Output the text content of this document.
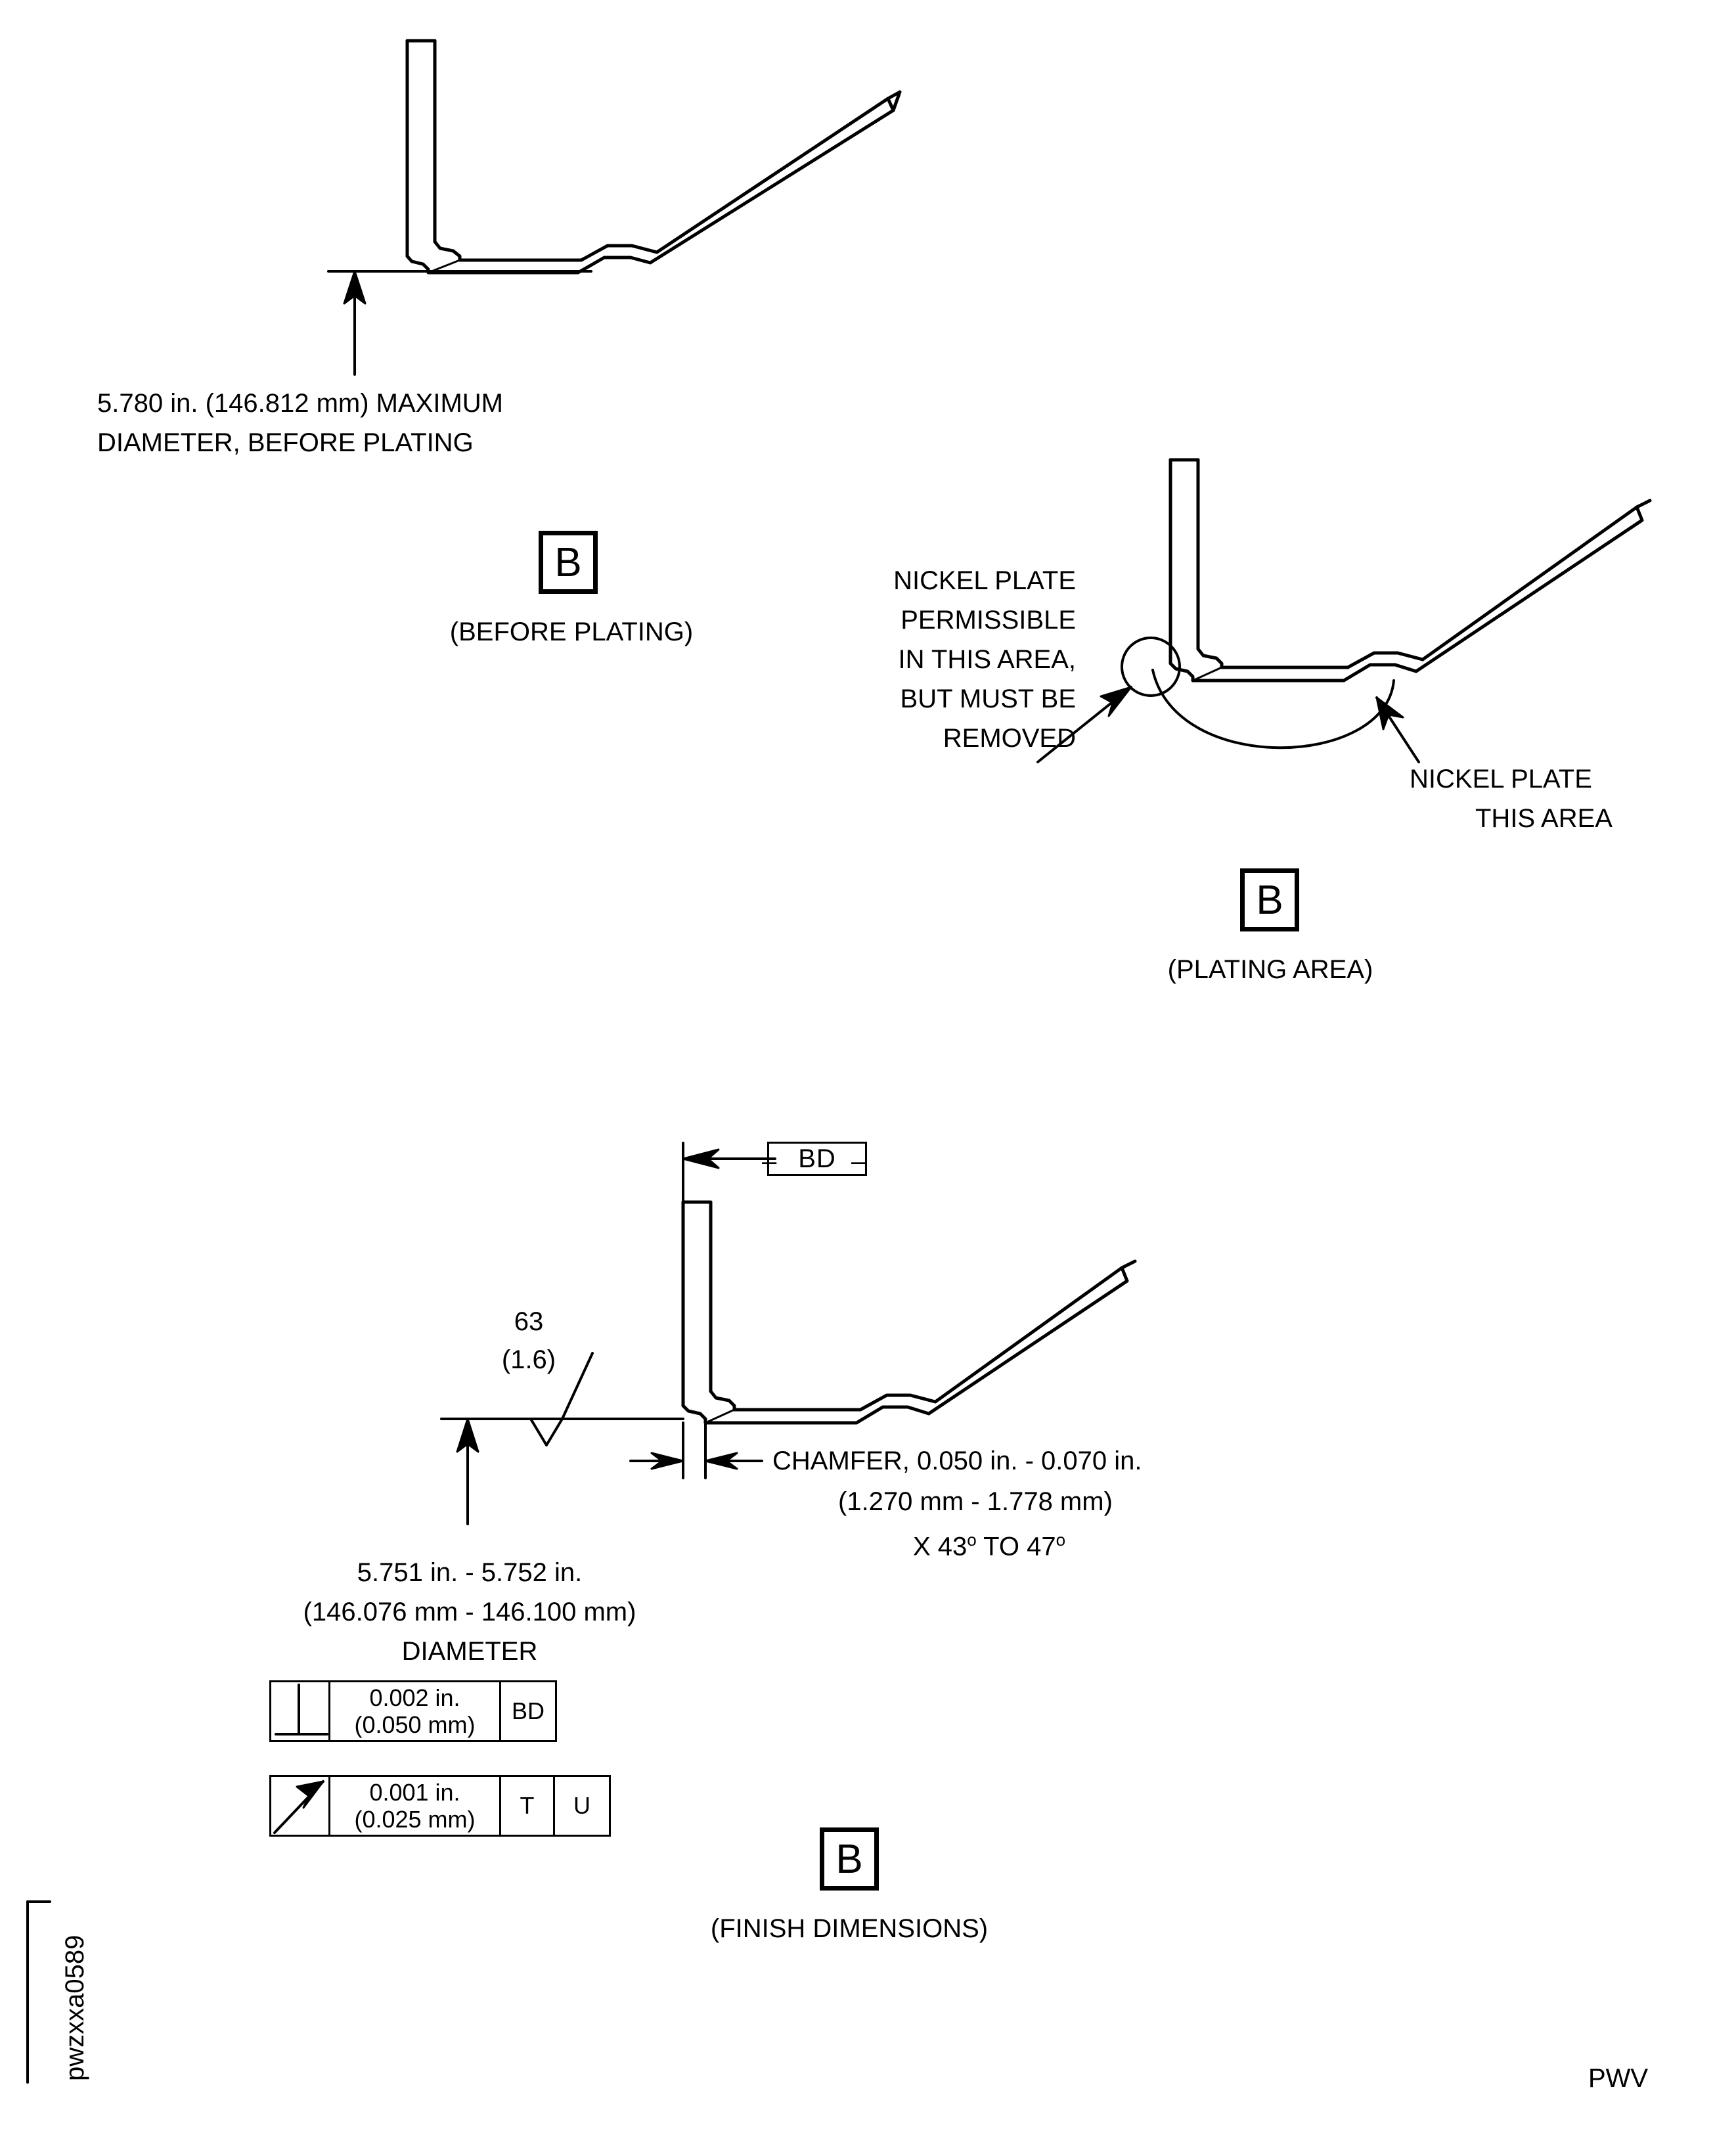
5.780 in. (146.812 mm) MAXIMUM
DIAMETER, BEFORE PLATING
B
(BEFORE PLATING)
NICKEL PLATE
PERMISSIBLE
IN THIS AREA,
BUT MUST BE
REMOVED
NICKEL PLATE
THIS AREA
B
(PLATING AREA)
BD
–	–
63
(1.6)
CHAMFER, 0.050 in. - 0.070 in.
(1.270 mm - 1.778 mm)
X 43$^o$ TO 47$^o$
5.751 in. - 5.752 in.
(146.076 mm - 146.100 mm)
DIAMETER
0.002 in.
(0.050 mm)
BD
0.001 in.
(0.025 mm)
T U
B
(FINISH DIMENSIONS)
pwzxxa0589	PWV
